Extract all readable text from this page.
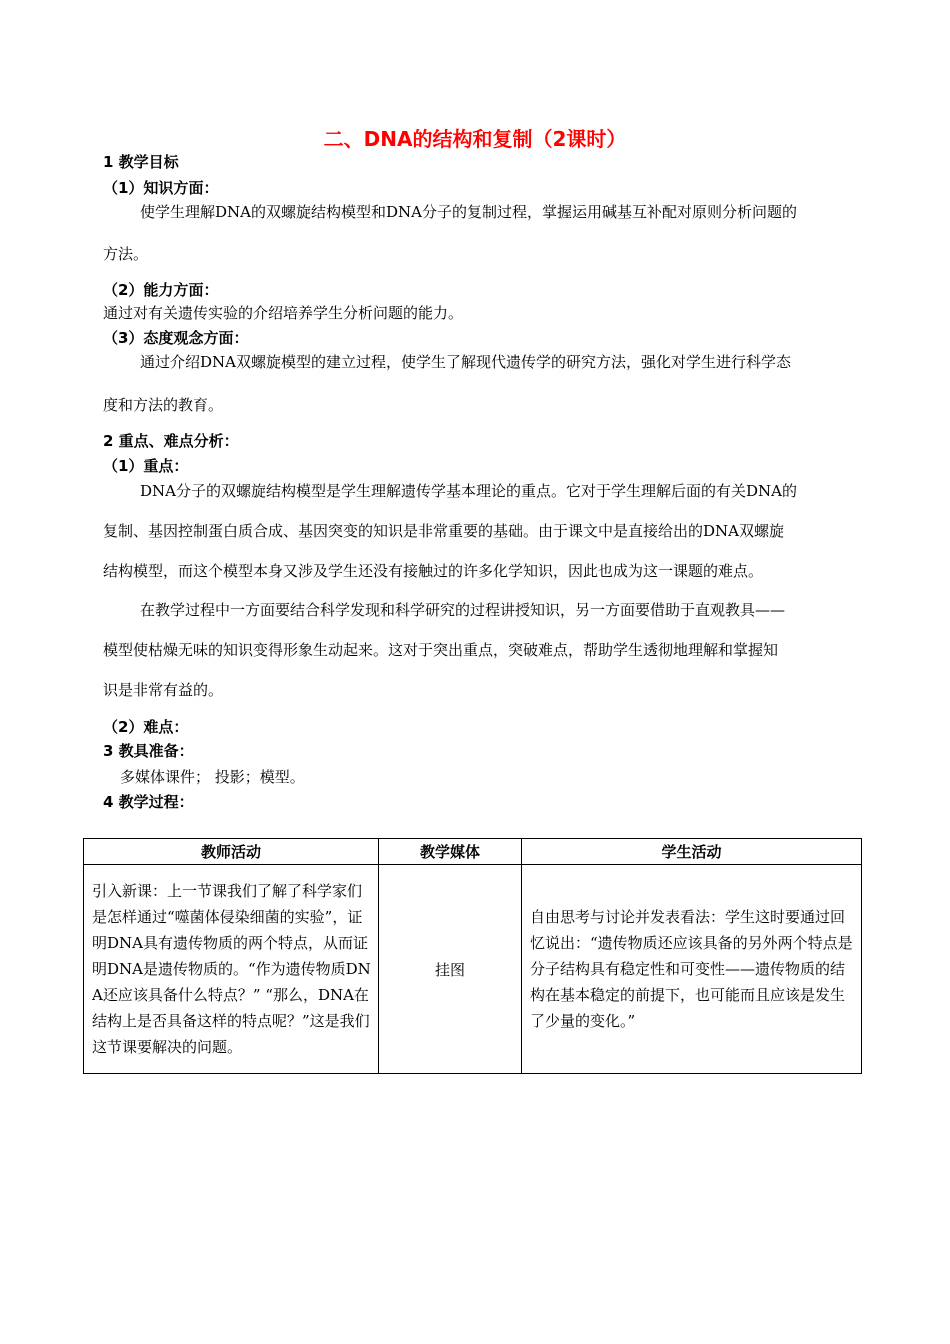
二、DNA的结构和复制（2课时）
1 教学目标
（1）知识方面：
使学生理解DNA的双螺旋结构模型和DNA分子的复制过程，掌握运用碱基互补配对原则分析问题的
方法。
（2）能力方面：
通过对有关遗传实验的介绍培养学生分析问题的能力。
（3）态度观念方面：
通过介绍DNA双螺旋模型的建立过程，使学生了解现代遗传学的研究方法，强化对学生进行科学态
度和方法的教育。
2 重点、难点分析：
（1）重点：
DNA分子的双螺旋结构模型是学生理解遗传学基本理论的重点。它对于学生理解后面的有关DNA的
复制、基因控制蛋白质合成、基因突变的知识是非常重要的基础。由于课文中是直接给出的DNA双螺旋
结构模型，而这个模型本身又涉及学生还没有接触过的许多化学知识，因此也成为这一课题的难点。
在教学过程中一方面要结合科学发现和科学研究的过程讲授知识，另一方面要借助于直观教具——
模型使枯燥无味的知识变得形象生动起来。这对于突出重点，突破难点，帮助学生透彻地理解和掌握知
识是非常有益的。
（2）难点：
3 教具准备：
多媒体课件； 投影；模型。
4 教学过程：
教师活动	教学媒体	学生活动

引入新课：上一节课我们了解了科学家们是怎样通过“噬菌体侵染细菌的实验”，证明DNA具有遗传物质的两个特点，从而证明DNA是遗传物质的。“作为遗传物质DNA还应该具备什么特点？” “那么，DNA在结构上是否具备这样的特点呢？”这是我们这节课要解决的问题。	挂图	自由思考与讨论并发表看法：学生这时要通过回忆说出：“遗传物质还应该具备的另外两个特点是分子结构具有稳定性和可变性——遗传物质的结构在基本稳定的前提下，也可能而且应该是发生了少量的变化。”
